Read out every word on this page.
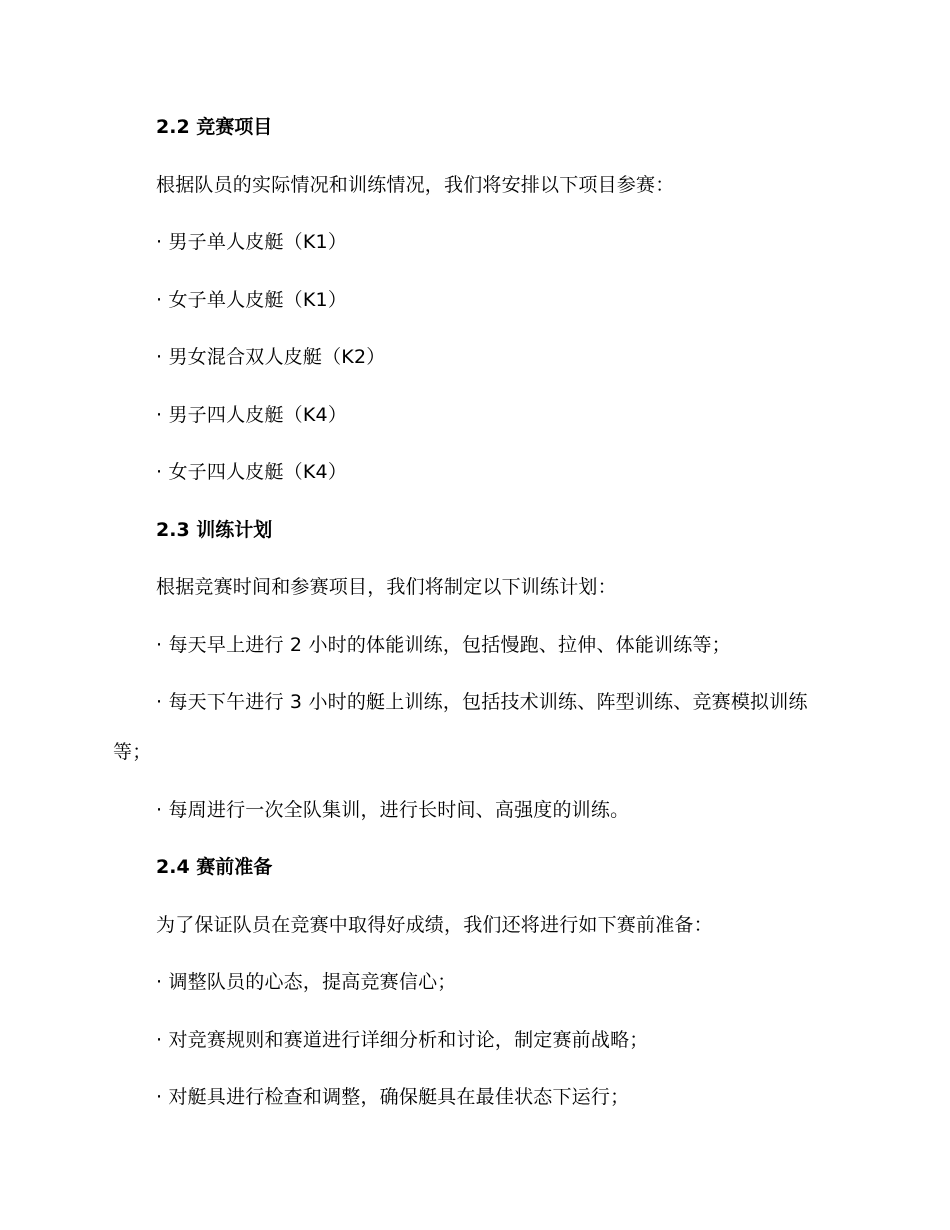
2.2 竞赛项目
根据队员的实际情况和训练情况，我们将安排以下项目参赛：
· 男子单人皮艇（K1）
· 女子单人皮艇（K1）
· 男女混合双人皮艇（K2）
· 男子四人皮艇（K4）
· 女子四人皮艇（K4）
2.3 训练计划
根据竞赛时间和参赛项目，我们将制定以下训练计划：
· 每天早上进行 2 小时的体能训练，包括慢跑、拉伸、体能训练等；
· 每天下午进行 3 小时的艇上训练，包括技术训练、阵型训练、竞赛模拟训练等；
· 每周进行一次全队集训，进行长时间、高强度的训练。
2.4 赛前准备
为了保证队员在竞赛中取得好成绩，我们还将进行如下赛前准备：
· 调整队员的心态，提高竞赛信心；
· 对竞赛规则和赛道进行详细分析和讨论，制定赛前战略；
· 对艇具进行检查和调整，确保艇具在最佳状态下运行；
